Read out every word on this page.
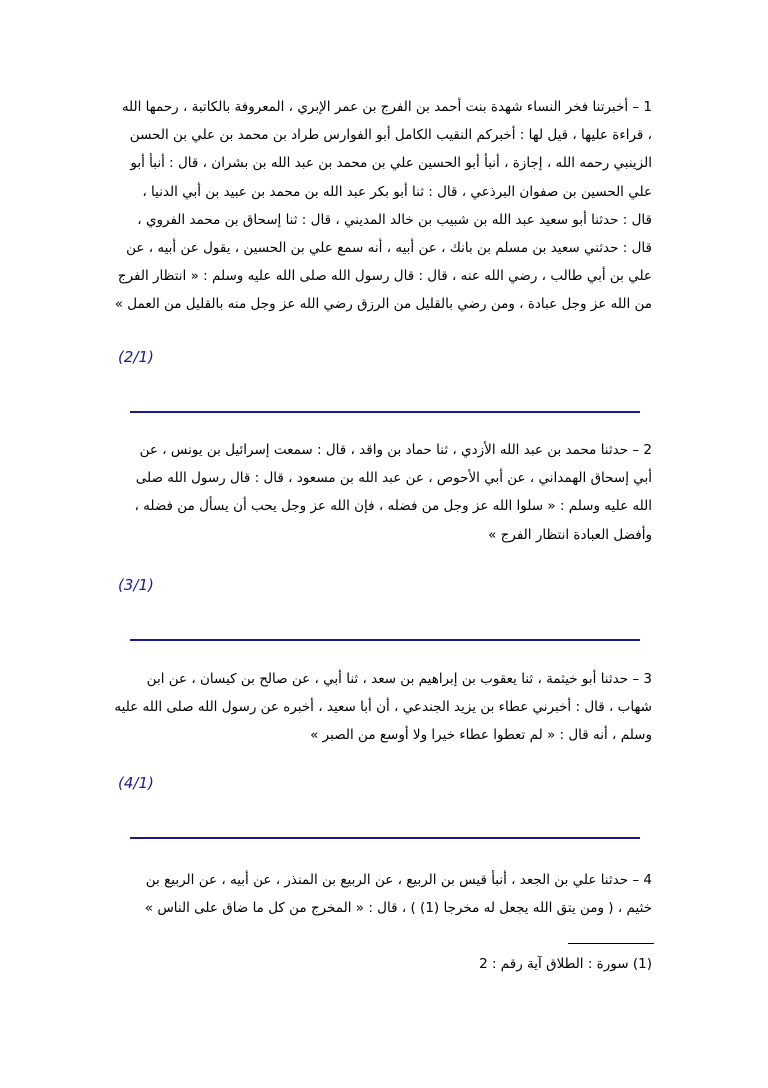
1 – أخبرتنا فخر النساء شهدة بنت أحمد بن الفرج بن عمر الإبري ، المعروفة بالكاتبة ، رحمها الله
، قراءة عليها ، قيل لها : أخبركم النقيب الكامل أبو الفوارس طراد بن محمد بن علي بن الحسن
الزينبي رحمه الله ، إجازة ، أنبأ أبو الحسين علي بن محمد بن عبد الله بن بشران ، قال : أنبأ أبو
علي الحسين بن صفوان البرذعي ، قال : ثنا أبو بكر عبد الله بن محمد بن عبيد بن أبي الدنيا ،
قال : حدثنا أبو سعيد عبد الله بن شبيب بن خالد المديني ، قال : ثنا إسحاق بن محمد الفروي ،
قال : حدثني سعيد بن مسلم بن بانك ، عن أبيه ، أنه سمع علي بن الحسين ، يقول عن أبيه ، عن
علي بن أبي طالب ، رضي الله عنه ، قال : قال رسول الله صلى الله عليه وسلم : « انتظار الفرج
من الله عز وجل عبادة ، ومن رضي بالقليل من الرزق رضي الله عز وجل منه بالقليل من العمل »
(2/1)
2 – حدثنا محمد بن عبد الله الأزدي ، ثنا حماد بن واقد ، قال : سمعت إسرائيل بن يونس ، عن
أبي إسحاق الهمداني ، عن أبي الأحوص ، عن عبد الله بن مسعود ، قال : قال رسول الله صلى
الله عليه وسلم : « سلوا الله عز وجل من فضله ، فإن الله عز وجل يحب أن يسأل من فضله ،
وأفضل العبادة انتظار الفرج »
(3/1)
3 – حدثنا أبو خيثمة ، ثنا يعقوب بن إبراهيم بن سعد ، ثنا أبي ، عن صالح بن كيسان ، عن ابن
شهاب ، قال : أخبرني عطاء بن يزيد الجندعي ، أن أبا سعيد ، أخبره عن رسول الله صلى الله عليه
وسلم ، أنه قال : « لم تعطوا عطاء خيرا ولا أوسع من الصبر »
(4/1)
4 – حدثنا علي بن الجعد ، أنبأ قيس بن الربيع ، عن الربيع بن المنذر ، عن أبيه ، عن الربيع بن
خثيم ، ( ومن يتق الله يجعل له مخرجا (1) ) ، قال : « المخرج من كل ما ضاق على الناس »
(1) سورة : الطلاق آية رقم : 2
